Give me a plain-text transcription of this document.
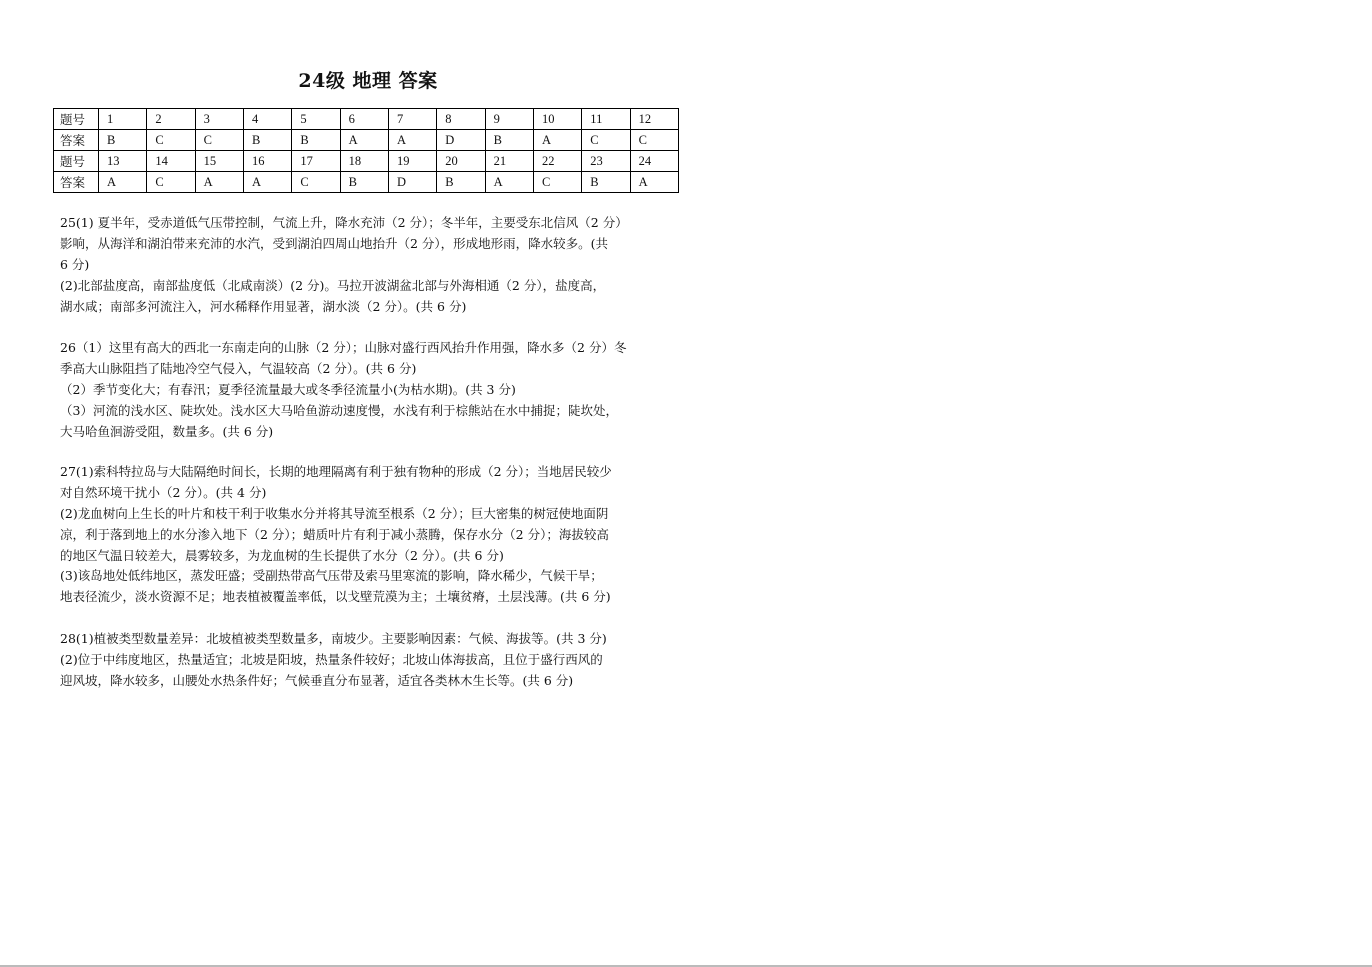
24级 地理 答案
题号	1	2	3	4	5	6	7	8	9	10	11	12
答案	B	C	C	B	B	A	A	D	B	A	C	C
题号	13	14	15	16	17	18	19	20	21	22	23	24
答案	A	C	A	A	C	B	D	B	A	C	B	A
25(1) 夏半年，受赤道低气压带控制，气流上升，降水充沛（2 分）；冬半年，主要受东北信风（2 分）
影响，从海洋和湖泊带来充沛的水汽，受到湖泊四周山地抬升（2 分），形成地形雨，降水较多。(共
6 分)
(2)北部盐度高，南部盐度低（北咸南淡）(2 分)。马拉开波湖盆北部与外海相通（2 分），盐度高，
湖水咸；南部多河流注入，河水稀释作用显著，湖水淡（2 分）。(共 6 分)
26（1）这里有高大的西北一东南走向的山脉（2 分）；山脉对盛行西风抬升作用强，降水多（2 分）冬
季高大山脉阻挡了陆地冷空气侵入，气温较高（2 分）。(共 6 分)
（2）季节变化大；有春汛；夏季径流量最大或冬季径流量小(为枯水期)。(共 3 分)
（3）河流的浅水区、陡坎处。浅水区大马哈鱼游动速度慢，水浅有利于棕熊站在水中捕捉；陡坎处，
大马哈鱼洄游受阻，数量多。(共 6 分)
27(1)索科特拉岛与大陆隔绝时间长，长期的地理隔离有利于独有物种的形成（2 分）；当地居民较少
对自然环境干扰小（2 分）。(共 4 分)
(2)龙血树向上生长的叶片和枝干利于收集水分并将其导流至根系（2 分）；巨大密集的树冠使地面阴
凉，利于落到地上的水分渗入地下（2 分）；蜡质叶片有利于减小蒸腾，保存水分（2 分）；海拔较高
的地区气温日较差大，晨雾较多，为龙血树的生长提供了水分（2 分）。(共 6 分)
(3)该岛地处低纬地区，蒸发旺盛；受副热带高气压带及索马里寒流的影响，降水稀少，气候干旱；
地表径流少，淡水资源不足；地表植被覆盖率低，以戈壁荒漠为主；土壤贫瘠，土层浅薄。(共 6 分)
28(1)植被类型数量差异：北坡植被类型数量多，南坡少。主要影响因素：气候、海拔等。(共 3 分)
(2)位于中纬度地区，热量适宜；北坡是阳坡，热量条件较好；北坡山体海拔高，且位于盛行西风的
迎风坡，降水较多，山腰处水热条件好；气候垂直分布显著，适宜各类林木生长等。(共 6 分)
